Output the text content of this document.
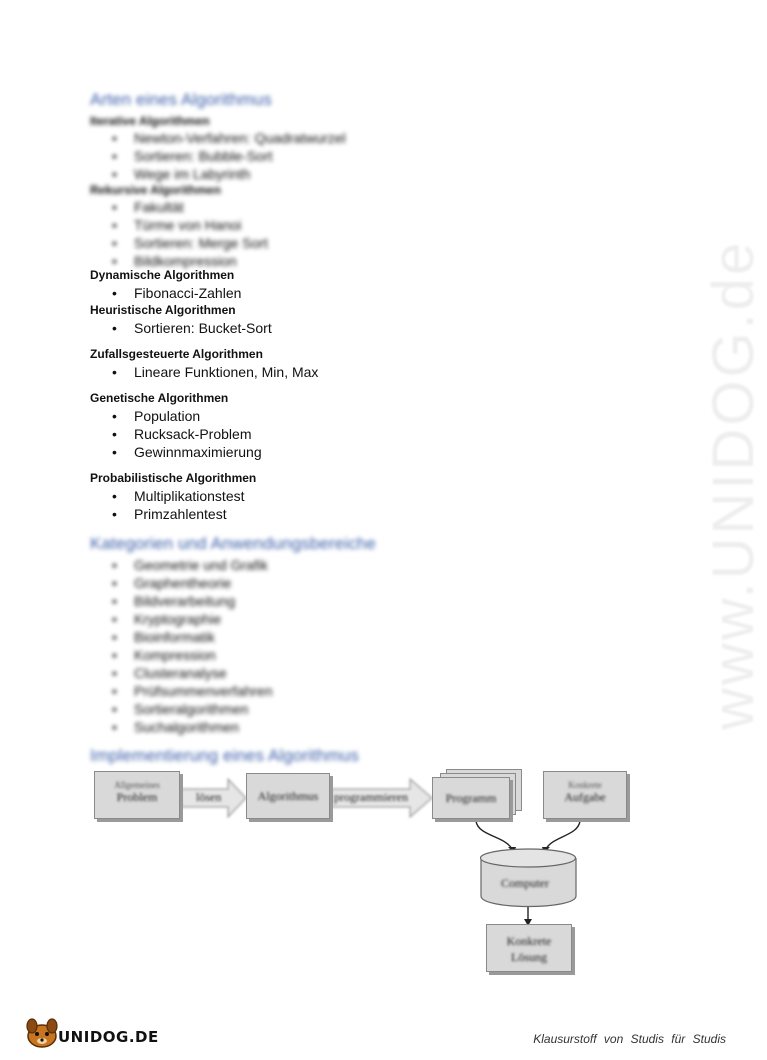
www.UNIDOG.de
Arten eines Algorithmus
Iterative Algorithmen
• Newton-Verfahren: Quadratwurzel
• Sortieren: Bubble-Sort
• Wege im Labyrinth
Rekursive Algorithmen
• Fakultät
• Türme von Hanoi
• Sortieren: Merge Sort
• Bildkompression
Dynamische Algorithmen
• Fibonacci-Zahlen
Heuristische Algorithmen
• Sortieren: Bucket-Sort
Zufallsgesteuerte Algorithmen
• Lineare Funktionen, Min, Max
Genetische Algorithmen
• Population
• Rucksack-Problem
• Gewinnmaximierung
Probabilistische Algorithmen
• Multiplikationstest
• Primzahlentest
Kategorien und Anwendungsbereiche
• Geometrie und Grafik
• Graphentheorie
• Bildverarbeitung
• Kryptographie
• Bioinformatik
• Kompression
• Clusteranalyse
• Prüfsummenverfahren
• Sortieralgorithmen
• Suchalgorithmen
Implementierung eines Algorithmus
Allgemeines
Problem	lösen	Algorithmus	programmieren	Programm
Konkrete
Aufgabe
Computer
Konkrete
Lösung
UNIDOG.DE	Klausurstoff von Studis für Studis
